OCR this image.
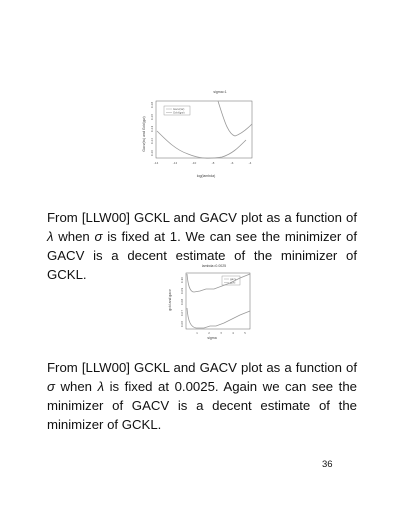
sigma=1
Gacv(lw) and Gckl(gw)
Gacv(lw)
Gckl(gw)
-14	-12	-10	-8	-6	-4
0.20
0.22
0.24
0.26
0.28
log(lambda)
From [LLW00] GCKL and GACV plot as a function of λ when σ is fixed at 1. We can see the minimizer of GACV is a decent estimate of the minimizer of GCKL.
lambda=0.0025
gckl and gacv
gacv
gckl
1	2	3	4	5
0.06
0.07
0.08
0.09
0.10
sigma
From [LLW00] GCKL and GACV plot as a function of σ when λ is fixed at 0.0025. Again we can see the minimizer of GACV is a decent estimate of the minimizer of GCKL.
36
